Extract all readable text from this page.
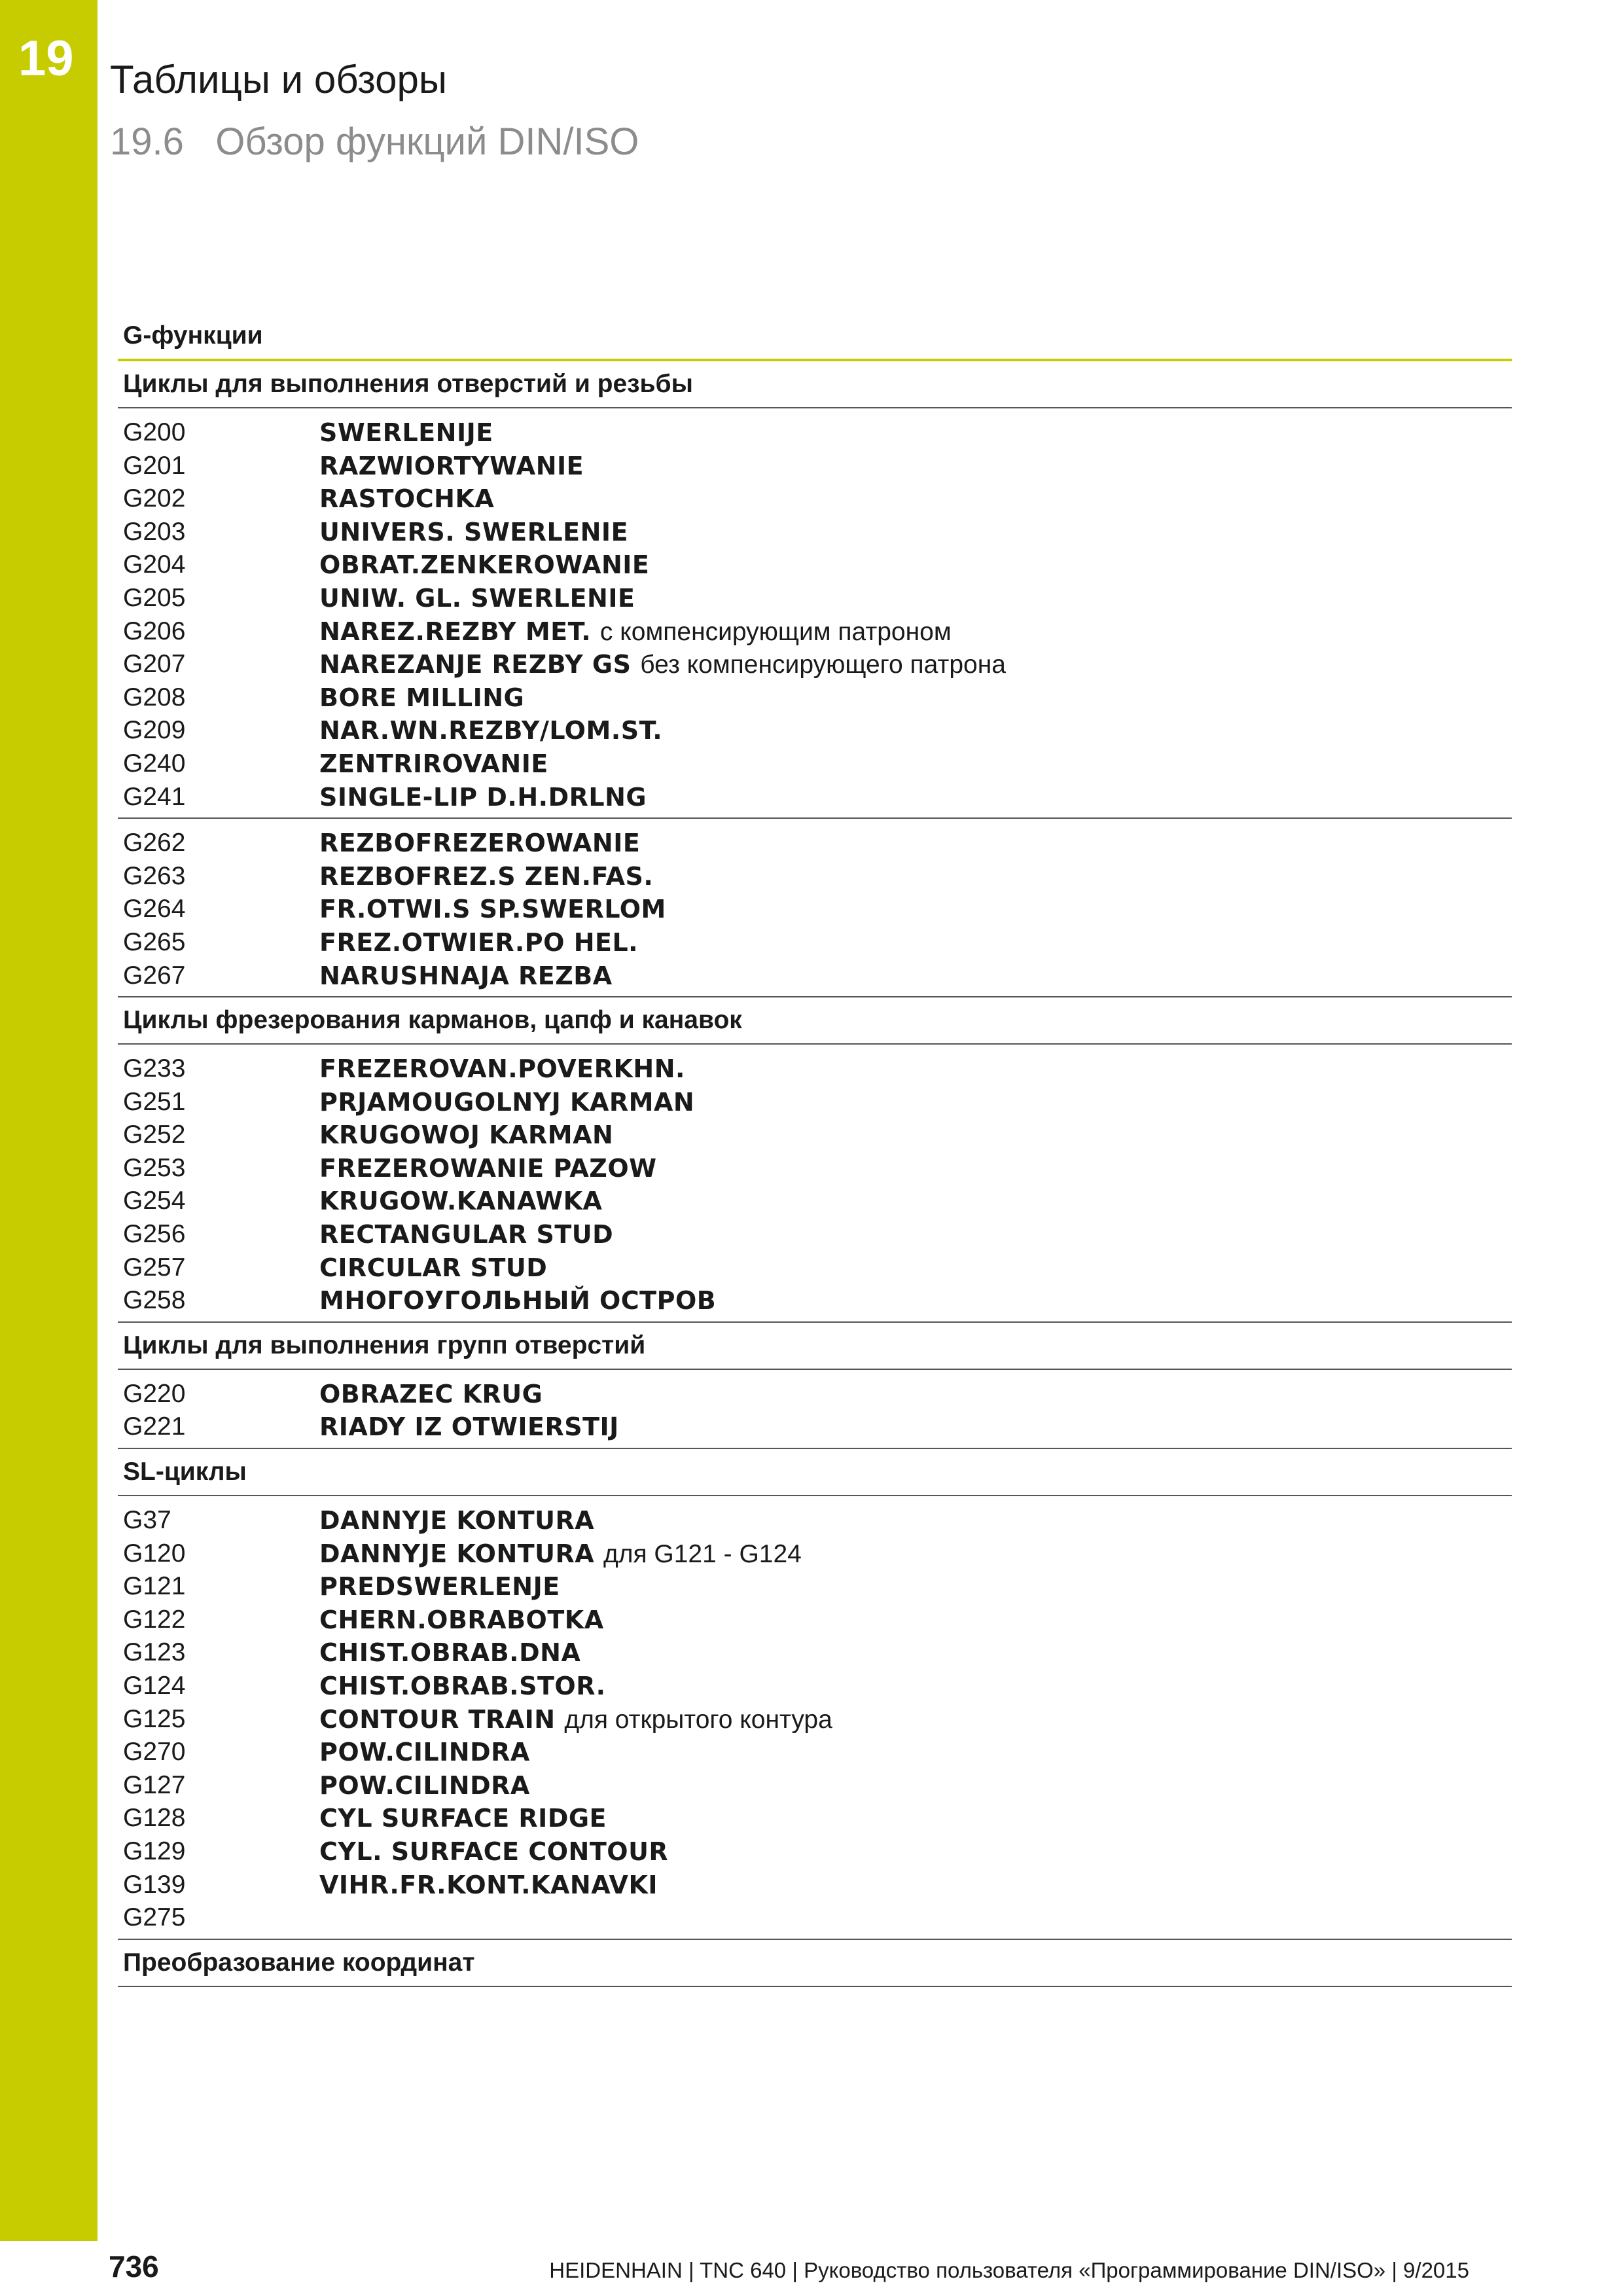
19 Таблицы и обзоры
19.6   Обзор функций DIN/ISO
G-функции
Циклы для выполнения отверстий и резьбы
G200	SWERLENIJE
G201	RAZWIORTYWANIE
G202	RASTOCHKA
G203	UNIVERS. SWERLENIE
G204	OBRAT.ZENKEROWANIE
G205	UNIW. GL. SWERLENIE
G206	NAREZ.REZBY MET. с компенсирующим патроном
G207	NAREZANJE REZBY GS без компенсирующего патрона
G208	BORE MILLING
G209	NAR.WN.REZBY/LOM.ST.
G240	ZENTRIROVANIE
G241	SINGLE-LIP D.H.DRLNG
G262	REZBOFREZEROWANIE
G263	REZBOFREZ.S ZEN.FAS.
G264	FR.OTWI.S SP.SWERLOM
G265	FREZ.OTWIER.PO HEL.
G267	NARUSHNAJA REZBA
Циклы фрезерования карманов, цапф и канавок
G233	FREZEROVAN.POVERKHN.
G251	PRJAMOUGOLNYJ KARMAN
G252	KRUGOWOJ KARMAN
G253	FREZEROWANIE PAZOW
G254	KRUGOW.KANAWKA
G256	RECTANGULAR STUD
G257	CIRCULAR STUD
G258	МНОГОУГОЛЬНЫЙ ОСТРОВ
Циклы для выполнения групп отверстий
G220	OBRAZEC KRUG
G221	RIADY IZ OTWIERSTIJ
SL-циклы
G37	DANNYJE KONTURA
G120	DANNYJE KONTURA для G121 - G124
G121	PREDSWERLENJE
G122	CHERN.OBRABOTKA
G123	CHIST.OBRAB.DNA
G124	CHIST.OBRAB.STOR.
G125	CONTOUR TRAIN для открытого контура
G270	POW.CILINDRA
G127	POW.CILINDRA
G128	CYL SURFACE RIDGE
G129	CYL. SURFACE CONTOUR
G139	VIHR.FR.KONT.KANAVKI
G275
Преобразование координат
736	HEIDENHAIN | TNC 640 | Руководство пользователя «Программирование DIN/ISO» | 9/2015
